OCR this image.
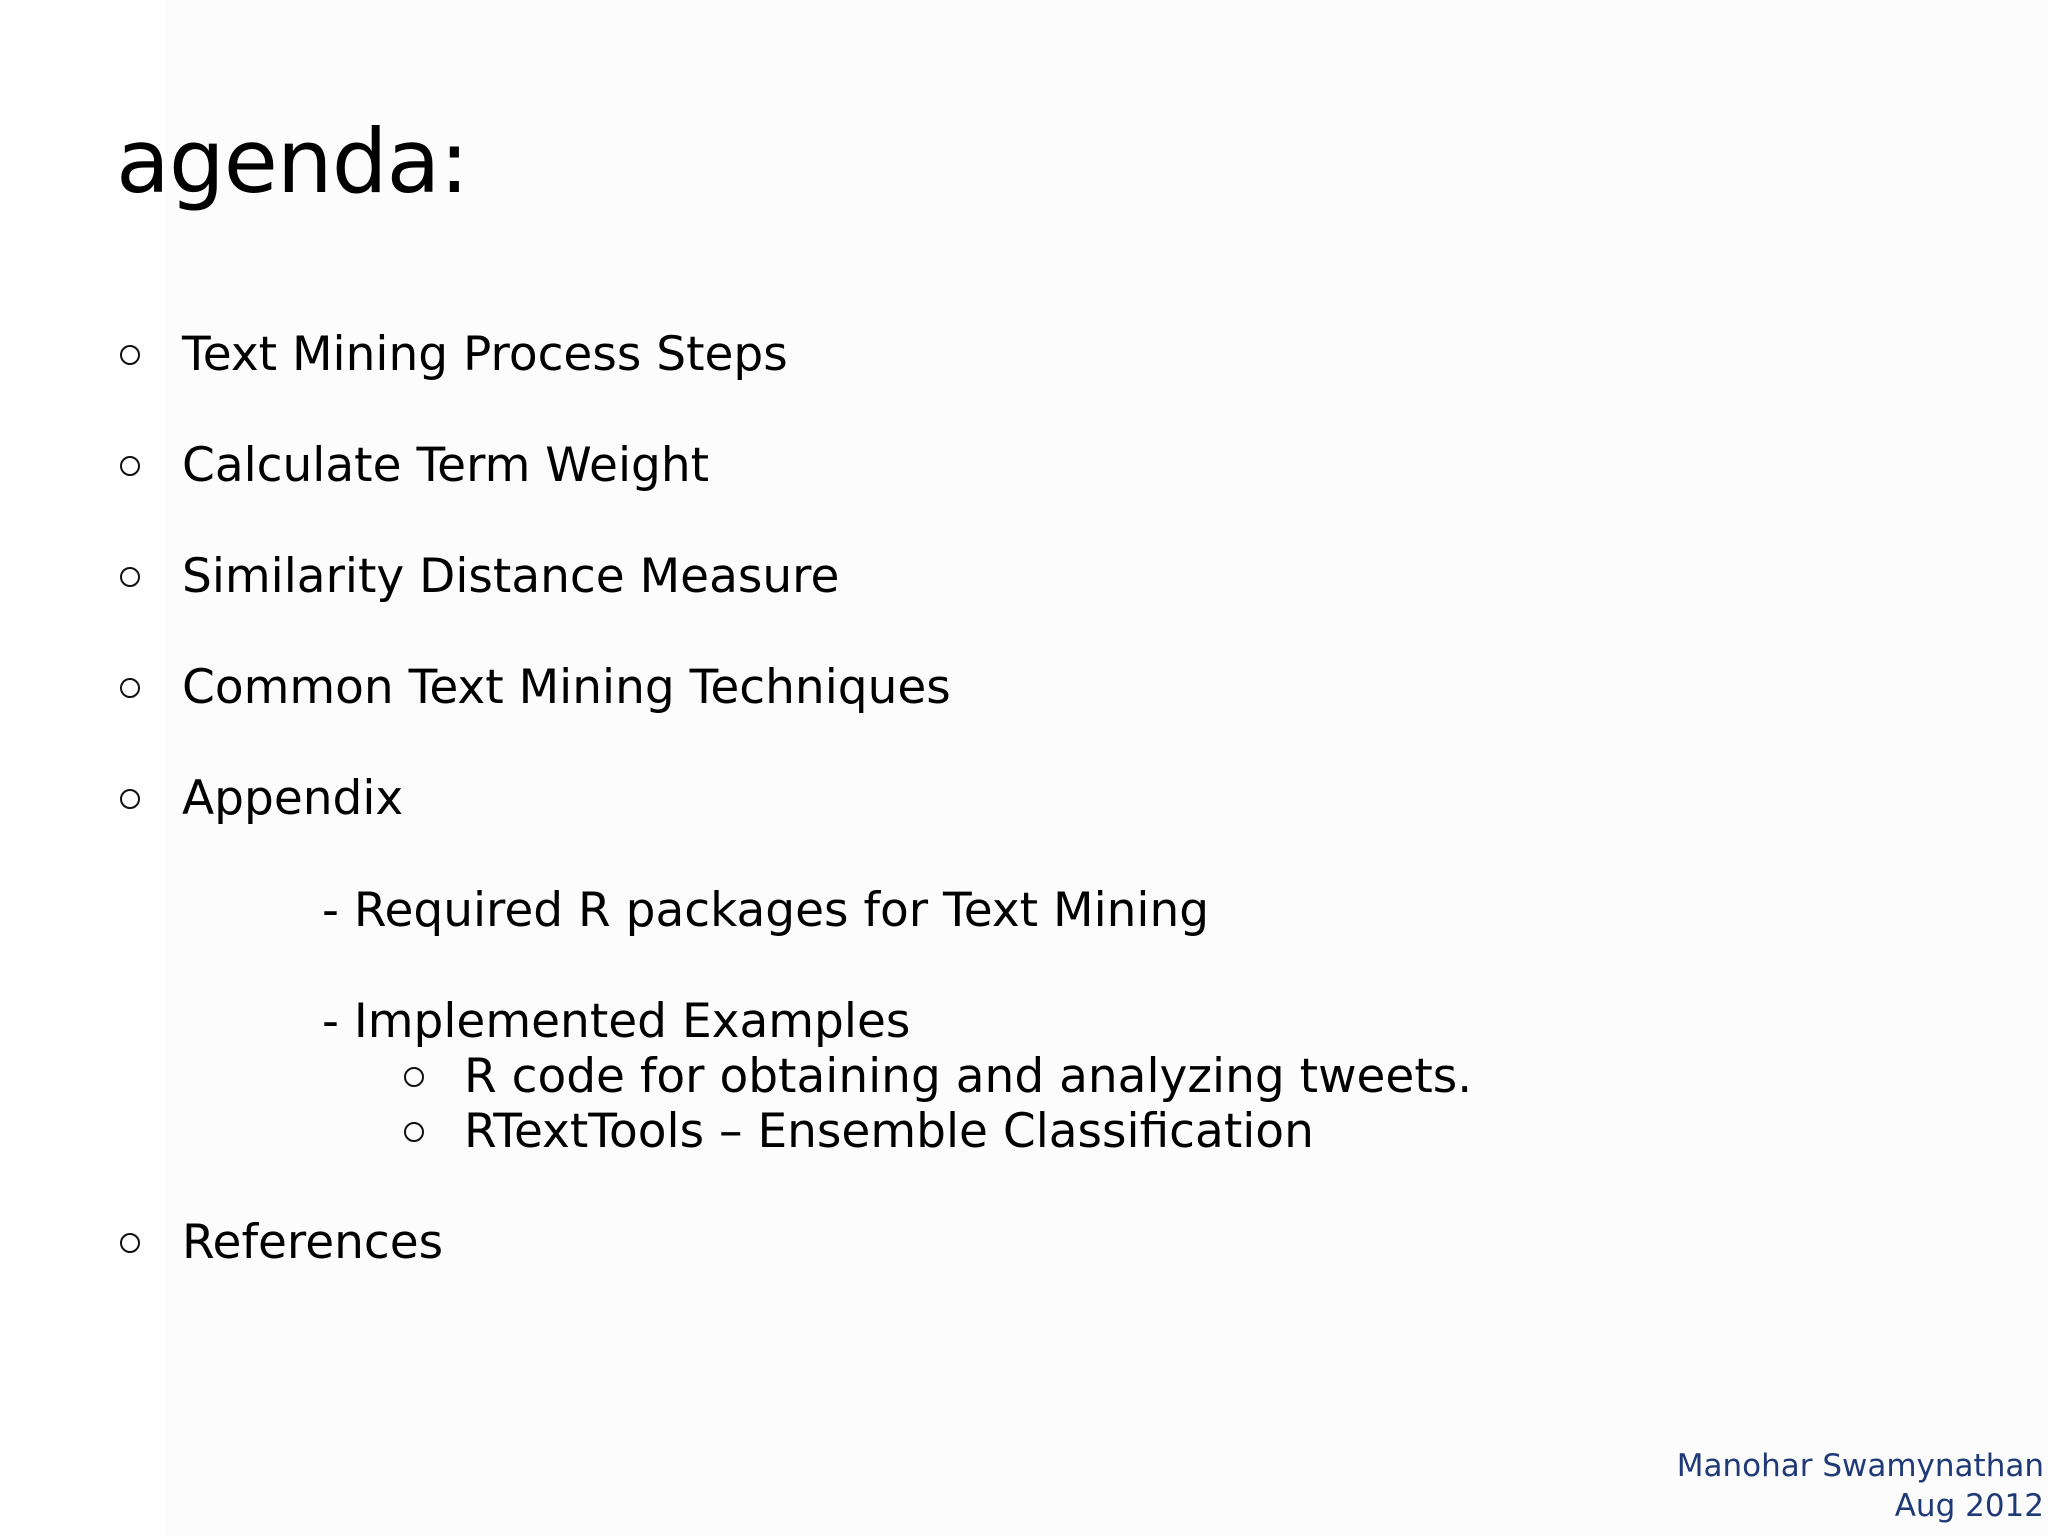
agenda:
Text Mining Process Steps
Calculate Term Weight
Similarity Distance Measure
Common Text Mining Techniques
Appendix
- Required R packages for Text Mining
- Implemented Examples
R code for obtaining and analyzing tweets.
RTextTools – Ensemble Classification
References
Manohar Swamynathan
Aug 2012
